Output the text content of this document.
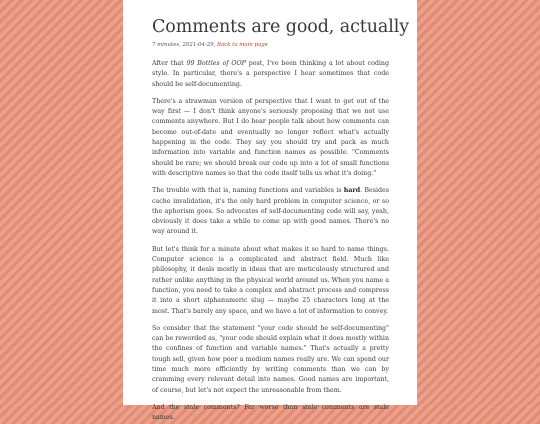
Comments are good, actually
7 minutes, 2021-04-29, Back to main page

After that 99 Bottles of OOP post, I've been thinking a lot about coding style. In particular, there's a perspective I hear sometimes that code should be self-documenting.

There's a strawman version of perspective that I want to get out of the way first — I don't think anyone's seriously proposing that we not use comments anywhere. But I do hear people talk about how comments can become out-of-date and eventually no longer reflect what's actually happening in the code. They say you should try and pack as much information into variable and function names as possible. "Comments should be rare; we should break our code up into a lot of small functions with descriptive names so that the code itself tells us what it's doing."

The trouble with that is, naming functions and variables is hard. Besides cache invalidation, it's the only hard problem in computer science, or so the aphorism goes. So advocates of self-documenting code will say, yeah, obviously it does take a while to come up with good names. There's no way around it.

But let's think for a minute about what makes it so hard to name things. Computer science is a complicated and abstract field. Much like philosophy, it deals mostly in ideas that are meticulously structured and rather unlike anything in the physical world around us. When you name a function, you need to take a complex and abstract process and compress it into a short alphanumeric slug — maybe 25 characters long at the most. That's barely any space, and we have a lot of information to convey.

So consider that the statement "your code should be self-documenting" can be reworded as, "your code should explain what it does mostly within the confines of function and variable names." That's actually a pretty tough sell, given how poor a medium names really are. We can spend our time much more efficiently by writing comments than we can by cramming every relevant detail into names. Good names are important, of course, but let's not expect the unreasonable from them.

And the stale comments? Far worse than stale comments are stale names.
